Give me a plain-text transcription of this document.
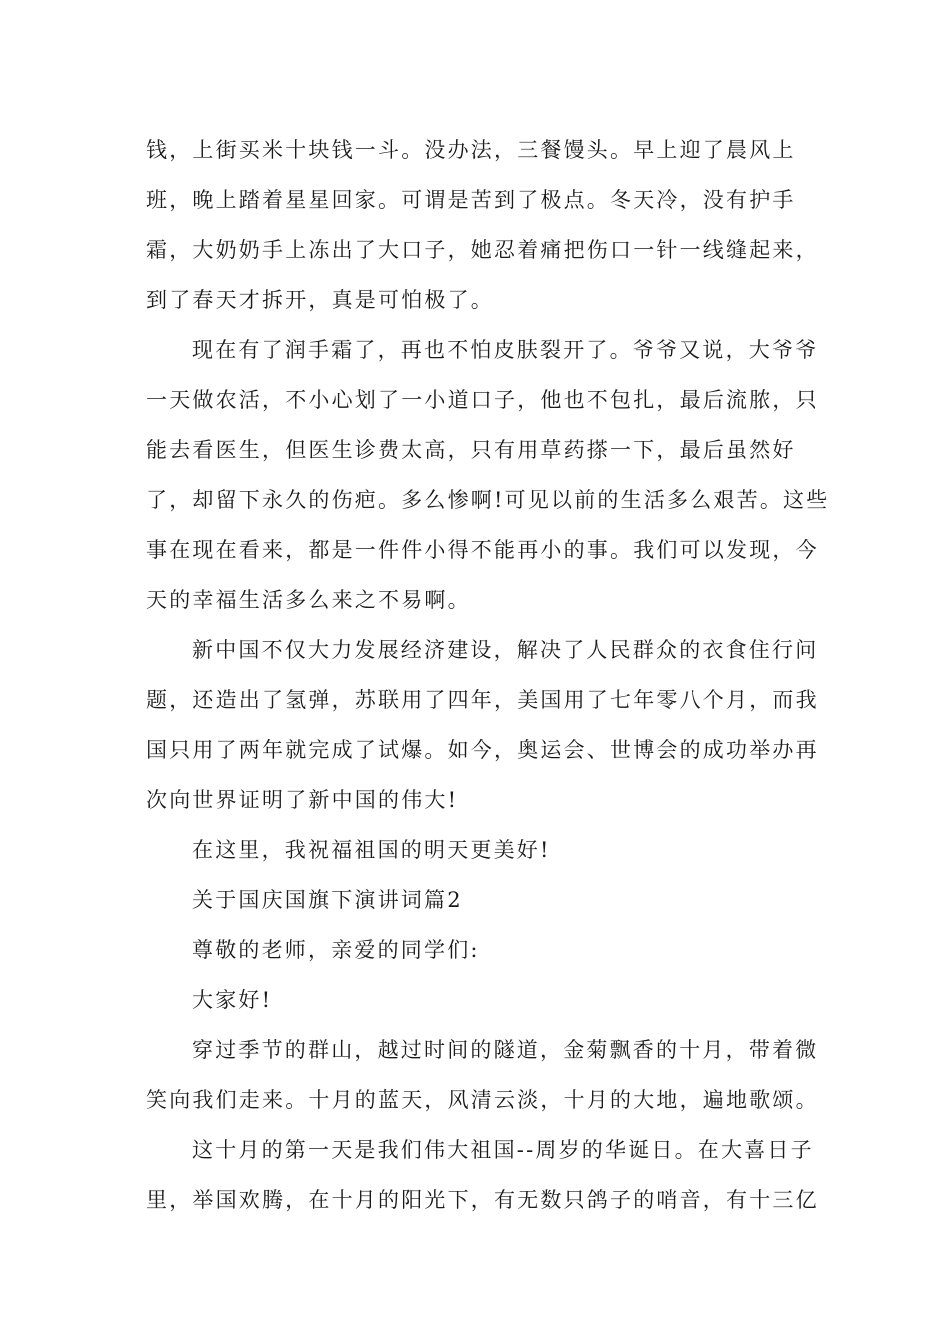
钱，上街买米十块钱一斗。没办法，三餐馒头。早上迎了晨风上
班，晚上踏着星星回家。可谓是苦到了极点。冬天冷，没有护手
霜，大奶奶手上冻出了大口子，她忍着痛把伤口一针一线缝起来，
到了春天才拆开，真是可怕极了。
现在有了润手霜了，再也不怕皮肤裂开了。爷爷又说，大爷爷
一天做农活，不小心划了一小道口子，他也不包扎，最后流脓，只
能去看医生，但医生诊费太高，只有用草药搽一下，最后虽然好
了，却留下永久的伤疤。多么惨啊!可见以前的生活多么艰苦。这些
事在现在看来，都是一件件小得不能再小的事。我们可以发现，今
天的幸福生活多么来之不易啊。
新中国不仅大力发展经济建设，解决了人民群众的衣食住行问
题，还造出了氢弹，苏联用了四年，美国用了七年零八个月，而我
国只用了两年就完成了试爆。如今，奥运会、世博会的成功举办再
次向世界证明了新中国的伟大!
在这里，我祝福祖国的明天更美好!
关于国庆国旗下演讲词篇2
尊敬的老师，亲爱的同学们:
大家好!
穿过季节的群山，越过时间的隧道，金菊飘香的十月，带着微
笑向我们走来。十月的蓝天，风清云淡，十月的大地，遍地歌颂。
这十月的第一天是我们伟大祖国--周岁的华诞日。在大喜日子
里，举国欢腾，在十月的阳光下，有无数只鸽子的哨音，有十三亿
